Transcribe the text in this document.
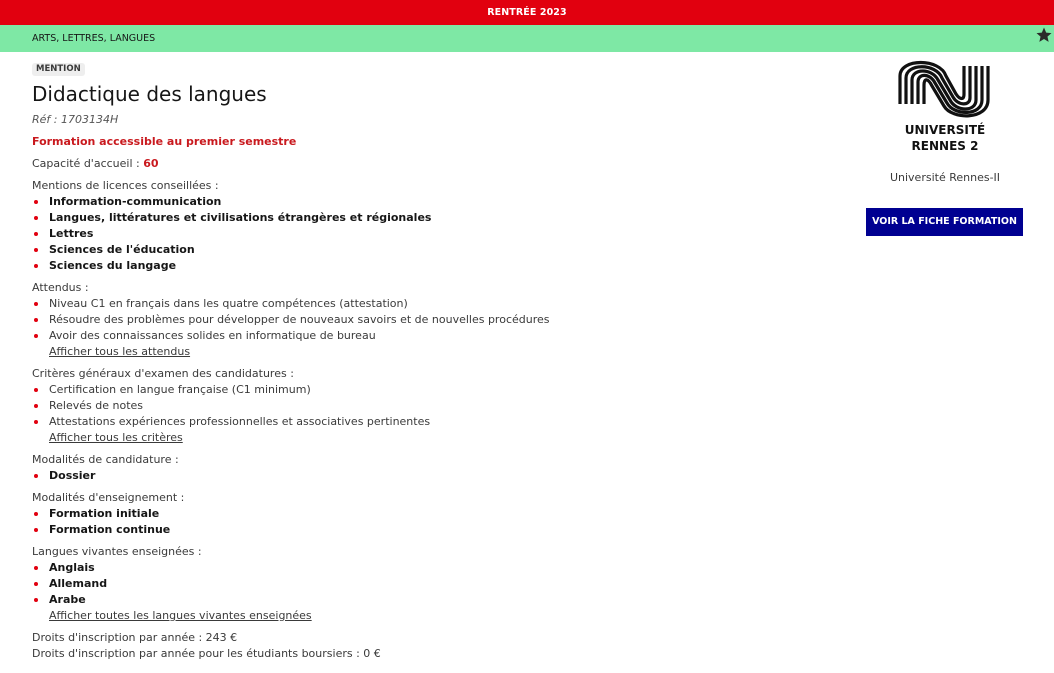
RENTRÉE 2023
ARTS, LETTRES, LANGUES
MENTION
Didactique des langues
Réf : 1703134H
Formation accessible au premier semestre
Capacité d'accueil : 60
Mentions de licences conseillées :
Information-communication
Langues, littératures et civilisations étrangères et régionales
Lettres
Sciences de l'éducation
Sciences du langage
Attendus :
Niveau C1 en français dans les quatre compétences (attestation)
Résoudre des problèmes pour développer de nouveaux savoirs et de nouvelles procédures
Avoir des connaissances solides en informatique de bureau
Afficher tous les attendus
Critères généraux d'examen des candidatures :
Certification en langue française (C1 minimum)
Relevés de notes
Attestations expériences professionnelles et associatives pertinentes
Afficher tous les critères
Modalités de candidature :
Dossier
Modalités d'enseignement :
Formation initiale
Formation continue
Langues vivantes enseignées :
Anglais
Allemand
Arabe
Afficher toutes les langues vivantes enseignées
Droits d'inscription par année : 243 €
Droits d'inscription par année pour les étudiants boursiers : 0 €
UNIVERSITÉ
RENNES 2
Université Rennes-II
VOIR LA FICHE FORMATION
